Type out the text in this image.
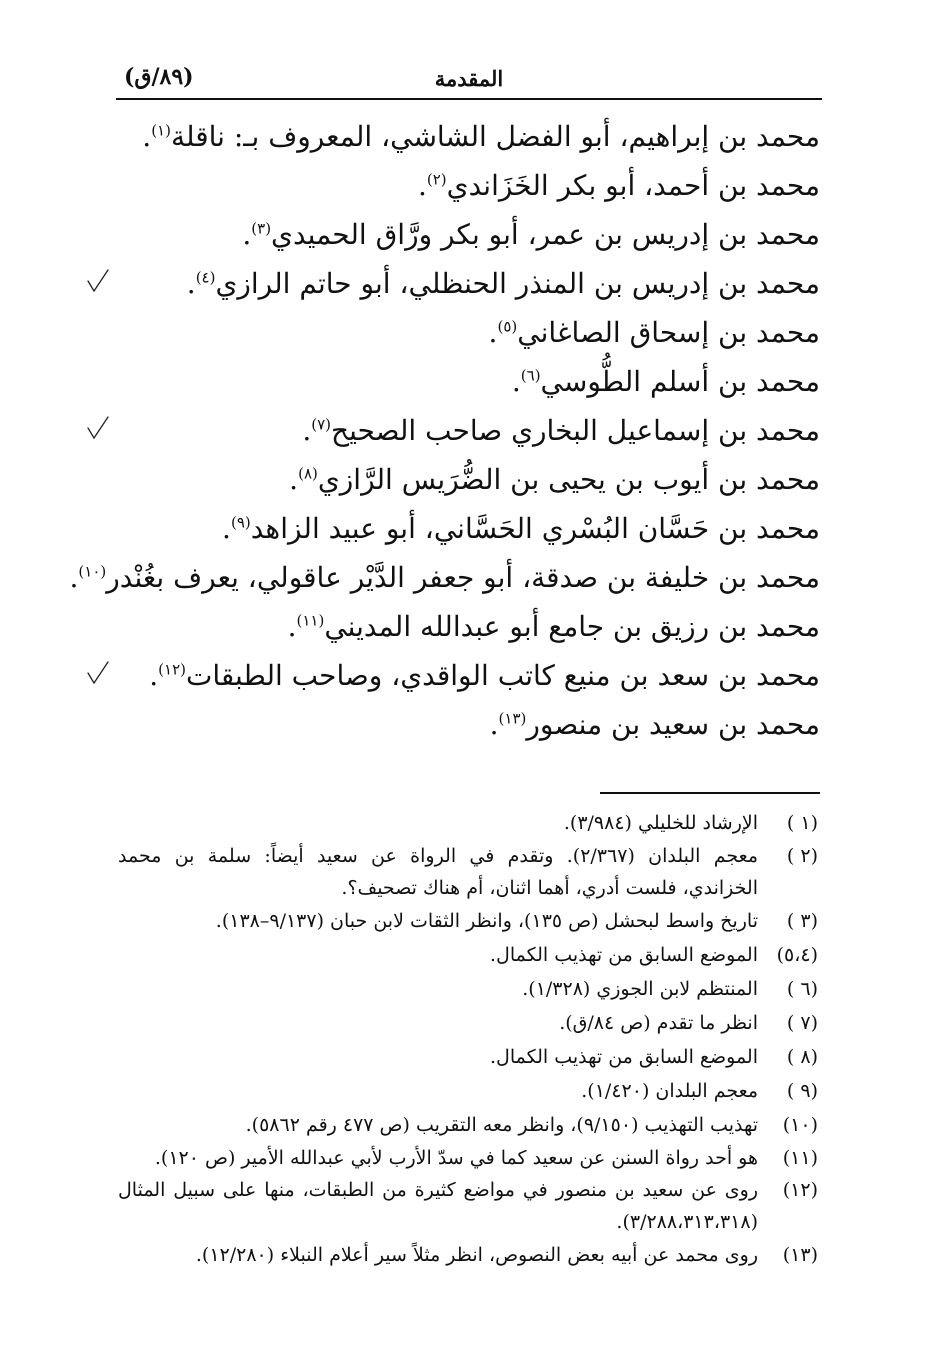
المقدمة
(٨٩/ق)
محمد بن إبراهيم، أبو الفضل الشاشي، المعروف بـ: ناقلة$^{(١)}$.
محمد بن أحمد، أبو بكر الخَزَاندي$^{(٢)}$.
محمد بن إدريس بن عمر، أبو بكر ورَّاق الحميدي$^{(٣)}$.
محمد بن إدريس بن المنذر الحنظلي، أبو حاتم الرازي$^{(٤)}$.
محمد بن إسحاق الصاغاني$^{(٥)}$.
محمد بن أسلم الطُّوسي$^{(٦)}$.
محمد بن إسماعيل البخاري صاحب الصحيح$^{(٧)}$.
محمد بن أيوب بن يحيى بن الضُّرَيس الرَّازي$^{(٨)}$.
محمد بن حَسَّان البُسْري الحَسَّاني، أبو عبيد الزاهد$^{(٩)}$.
محمد بن خليفة بن صدقة، أبو جعفر الدَّيْر عاقولي، يعرف بغُنْدر$^{(١٠)}$.
محمد بن رزيق بن جامع أبو عبدالله المديني$^{(١١)}$.
محمد بن سعد بن منيع كاتب الواقدي، وصاحب الطبقات$^{(١٢)}$.
محمد بن سعيد بن منصور$^{(١٣)}$.
(١ )
الإرشاد للخليلي (٣/٩٨٤).
(٢ )
معجم البلدان (٢/٣٦٧). وتقدم في الرواة عن سعيد أيضاً: سلمة بن محمد الخزاندي، فلست أدري، أهما اثنان، أم هناك تصحيف؟.
(٣ )
تاريخ واسط لبحشل (ص ١٣٥)، وانظر الثقات لابن حبان (٩/١٣٧–١٣٨).
(٥،٤)
الموضع السابق من تهذيب الكمال.
(٦ )
المنتظم لابن الجوزي (١/٣٢٨).
(٧ )
انظر ما تقدم (ص ٨٤/ق).
(٨ )
الموضع السابق من تهذيب الكمال.
(٩ )
معجم البلدان (١/٤٢٠).
(١٠)
تهذيب التهذيب (٩/١٥٠)، وانظر معه التقريب (ص ٤٧٧ رقم ٥٨٦٢).
(١١)
هو أحد رواة السنن عن سعيد كما في سدّ الأرب لأبي عبدالله الأمير (ص ١٢٠).
(١٢)
روى عن سعيد بن منصور في مواضع كثيرة من الطبقات، منها على سبيل المثال (٣/٢٨٨،٣١٣،٣١٨).
(١٣)
روى محمد عن أبيه بعض النصوص، انظر مثلاً سير أعلام النبلاء (١٢/٢٨٠).
